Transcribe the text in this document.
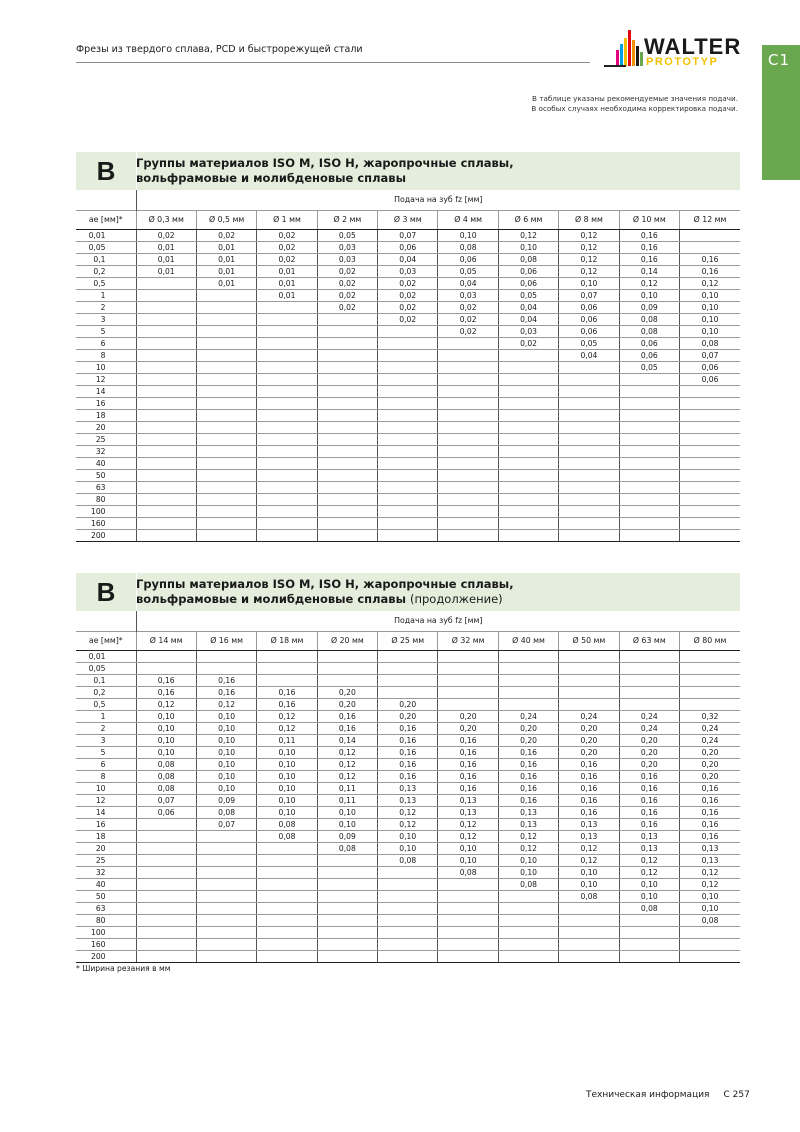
Фрезы из твердого сплава, PCD и быстрорежущей стали	WALTER
PROTOTYP	C1
В таблице указаны рекомендуемые значения подачи.
В особых случаях необходима корректировка подачи.
B	Группы материалов ISO M, ISO H, жаропрочные сплавы,
вольфрамовые и молибденовые сплавы
	Подача на зуб fz [мм]									
ae [мм]*	Ø 0,3 мм	Ø 0,5 мм	Ø 1 мм	Ø 2 мм	Ø 3 мм	Ø 4 мм	Ø 6 мм	Ø 8 мм	Ø 10 мм	Ø 12 мм
0,01	0,02	0,02	0,02	0,05	0,07	0,10	0,12	0,12	0,16	
0,05	0,01	0,01	0,02	0,03	0,06	0,08	0,10	0,12	0,16	
0,1	0,01	0,01	0,02	0,03	0,04	0,06	0,08	0,12	0,16	0,16
0,2	0,01	0,01	0,01	0,02	0,03	0,05	0,06	0,12	0,14	0,16
0,5		0,01	0,01	0,02	0,02	0,04	0,06	0,10	0,12	0,12
1			0,01	0,02	0,02	0,03	0,05	0,07	0,10	0,10
2				0,02	0,02	0,02	0,04	0,06	0,09	0,10
3					0,02	0,02	0,04	0,06	0,08	0,10
5						0,02	0,03	0,06	0,08	0,10
6							0,02	0,05	0,06	0,08
8								0,04	0,06	0,07
10									0,05	0,06
12										0,06
14										
16										
18										
20										
25										
32										
40										
50										
63										
80										
100										
160										
200										
B	Группы материалов ISO M, ISO H, жаропрочные сплавы,
вольфрамовые и молибденовые сплавы (продолжение)
	Подача на зуб fz [мм]									
ae [мм]*	Ø 14 мм	Ø 16 мм	Ø 18 мм	Ø 20 мм	Ø 25 мм	Ø 32 мм	Ø 40 мм	Ø 50 мм	Ø 63 мм	Ø 80 мм
0,01										
0,05										
0,1	0,16	0,16								
0,2	0,16	0,16	0,16	0,20						
0,5	0,12	0,12	0,16	0,20	0,20					
1	0,10	0,10	0,12	0,16	0,20	0,20	0,24	0,24	0,24	0,32
2	0,10	0,10	0,12	0,16	0,16	0,20	0,20	0,20	0,24	0,24
3	0,10	0,10	0,11	0,14	0,16	0,16	0,20	0,20	0,20	0,24
5	0,10	0,10	0,10	0,12	0,16	0,16	0,16	0,20	0,20	0,20
6	0,08	0,10	0,10	0,12	0,16	0,16	0,16	0,16	0,20	0,20
8	0,08	0,10	0,10	0,12	0,16	0,16	0,16	0,16	0,16	0,20
10	0,08	0,10	0,10	0,11	0,13	0,16	0,16	0,16	0,16	0,16
12	0,07	0,09	0,10	0,11	0,13	0,13	0,16	0,16	0,16	0,16
14	0,06	0,08	0,10	0,10	0,12	0,13	0,13	0,16	0,16	0,16
16		0,07	0,08	0,10	0,12	0,12	0,13	0,13	0,16	0,16
18			0,08	0,09	0,10	0,12	0,12	0,13	0,13	0,16
20				0,08	0,10	0,10	0,12	0,12	0,13	0,13
25					0,08	0,10	0,10	0,12	0,12	0,13
32						0,08	0,10	0,10	0,12	0,12
40							0,08	0,10	0,10	0,12
50								0,08	0,10	0,10
63									0,08	0,10
80										0,08
100										
160										
200										
* Ширина резания в мм
Техническая информация C 257
